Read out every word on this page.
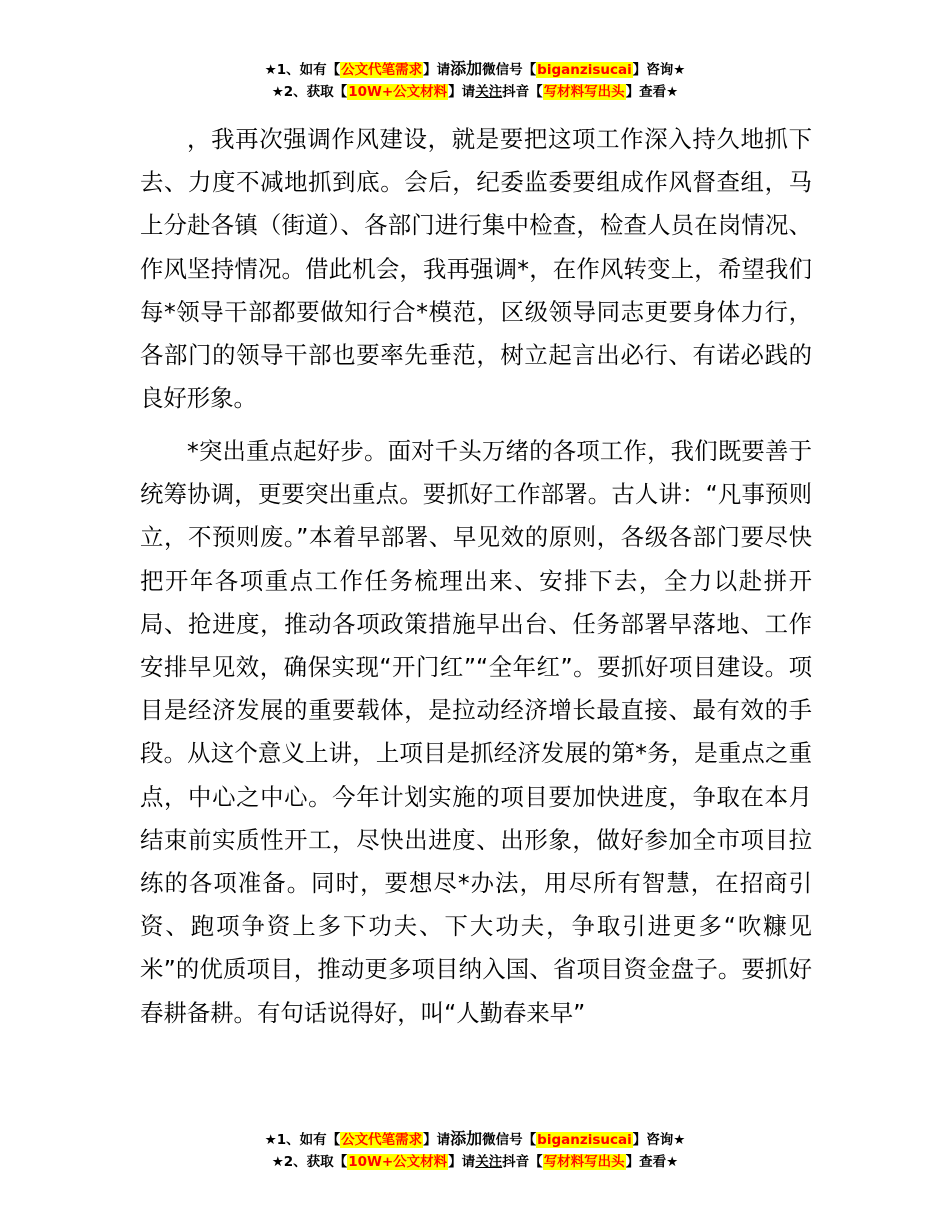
★1、如有【公文代笔需求】请添加微信号【biganzisucai】咨询★
★2、获取【10W+公文材料】请关注抖音【写材料写出头】查看★

，我再次强调作风建设，就是要把这项工作深入持久地抓下去、力度不减地抓到底。会后，纪委监委要组成作风督查组，马上分赴各镇（街道）、各部门进行集中检查，检查人员在岗情况、作风坚持情况。借此机会，我再强调*，在作风转变上，希望我们每*领导干部都要做知行合*模范，区级领导同志更要身体力行，各部门的领导干部也要率先垂范，树立起言出必行、有诺必践的良好形象。

*突出重点起好步。面对千头万绪的各项工作，我们既要善于统筹协调，更要突出重点。要抓好工作部署。古人讲：“凡事预则立，不预则废。”本着早部署、早见效的原则，各级各部门要尽快把开年各项重点工作任务梳理出来、安排下去，全力以赴拼开局、抢进度，推动各项政策措施早出台、任务部署早落地、工作安排早见效，确保实现“开门红”“全年红”。要抓好项目建设。项目是经济发展的重要载体，是拉动经济增长最直接、最有效的手段。从这个意义上讲，上项目是抓经济发展的第*务，是重点之重点，中心之中心。今年计划实施的项目要加快进度，争取在本月结束前实质性开工，尽快出进度、出形象，做好参加全市项目拉练的各项准备。同时，要想尽*办法，用尽所有智慧，在招商引资、跑项争资上多下功夫、下大功夫，争取引进更多“吹糠见米”的优质项目，推动更多项目纳入国、省项目资金盘子。要抓好春耕备耕。有句话说得好，叫“人勤春来早”

★1、如有【公文代笔需求】请添加微信号【biganzisucai】咨询★
★2、获取【10W+公文材料】请关注抖音【写材料写出头】查看★
